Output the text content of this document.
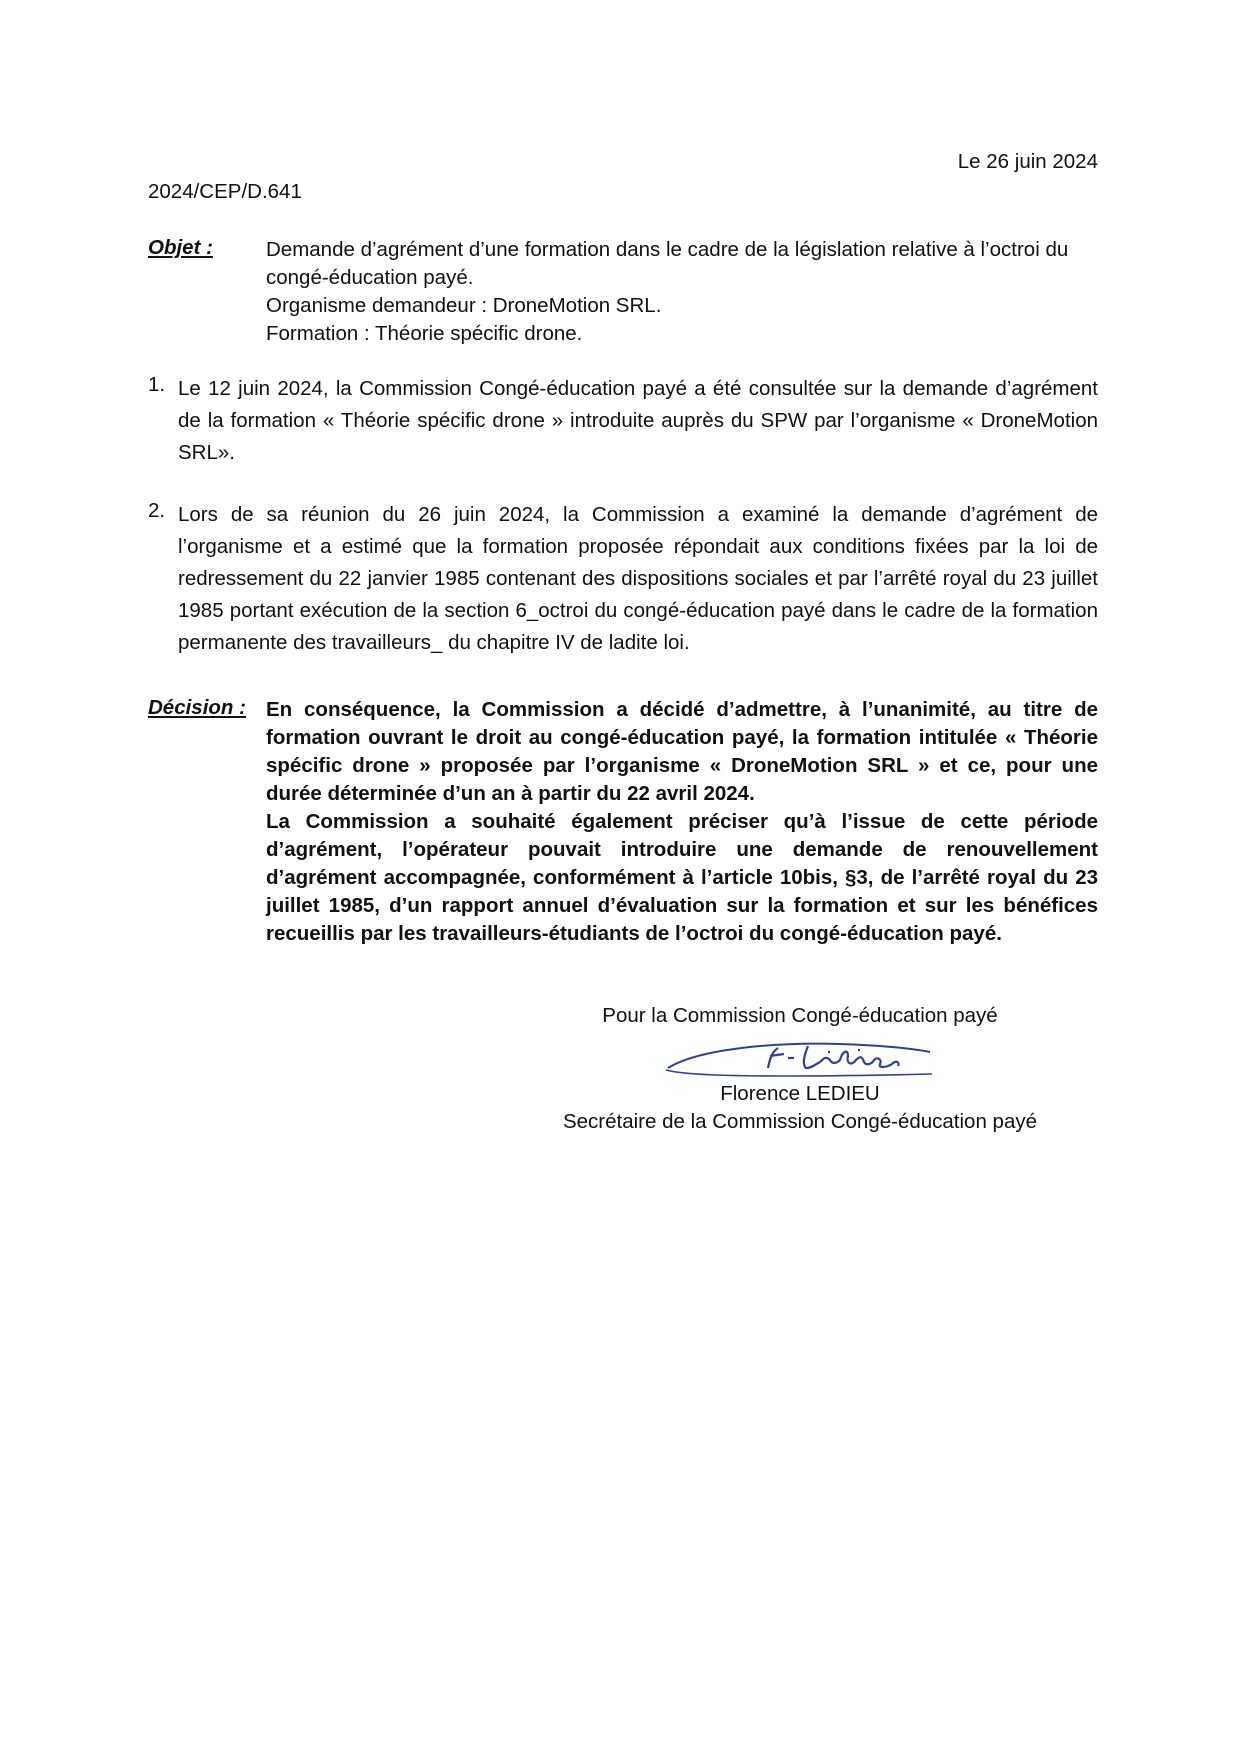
Le 26 juin 2024
2024/CEP/D.641
Objet :	Demande d’agrément d’une formation dans le cadre de la législation relative à l’octroi du congé-éducation payé.

Organisme demandeur : DroneMotion SRL.

Formation : Théorie spécific drone.

1. Le 12 juin 2024, la Commission Congé-éducation payé a été consultée sur la demande d’agrément de la formation « Théorie spécific drone » introduite auprès du SPW par l’organisme « DroneMotion SRL».
2. Lors de sa réunion du 26 juin 2024, la Commission a examiné la demande d’agrément de l’organisme et a estimé que la formation proposée répondait aux conditions fixées par la loi de redressement du 22 janvier 1985 contenant des dispositions sociales et par l’arrêté royal du 23 juillet 1985 portant exécution de la section 6_octroi du congé-éducation payé dans le cadre de la formation permanente des travailleurs_ du chapitre IV de ladite loi.
Décision : En conséquence, la Commission a décidé d’admettre, à l’unanimité, au titre de formation ouvrant le droit au congé-éducation payé, la formation intitulée « Théorie spécific drone » proposée par l’organisme « DroneMotion SRL » et ce, pour une durée déterminée d’un an à partir du 22 avril 2024.

La Commission a souhaité également préciser qu’à l’issue de cette période d’agrément, l’opérateur pouvait introduire une demande de renouvellement d’agrément accompagnée, conformément à l’article 10bis, §3, de l’arrêté royal du 23 juillet 1985, d’un rapport annuel d’évaluation sur la formation et sur les bénéfices recueillis par les travailleurs-étudiants de l’octroi du congé-éducation payé.

Pour la Commission Congé-éducation payé
Florence LEDIEU
Secrétaire de la Commission Congé-éducation payé
